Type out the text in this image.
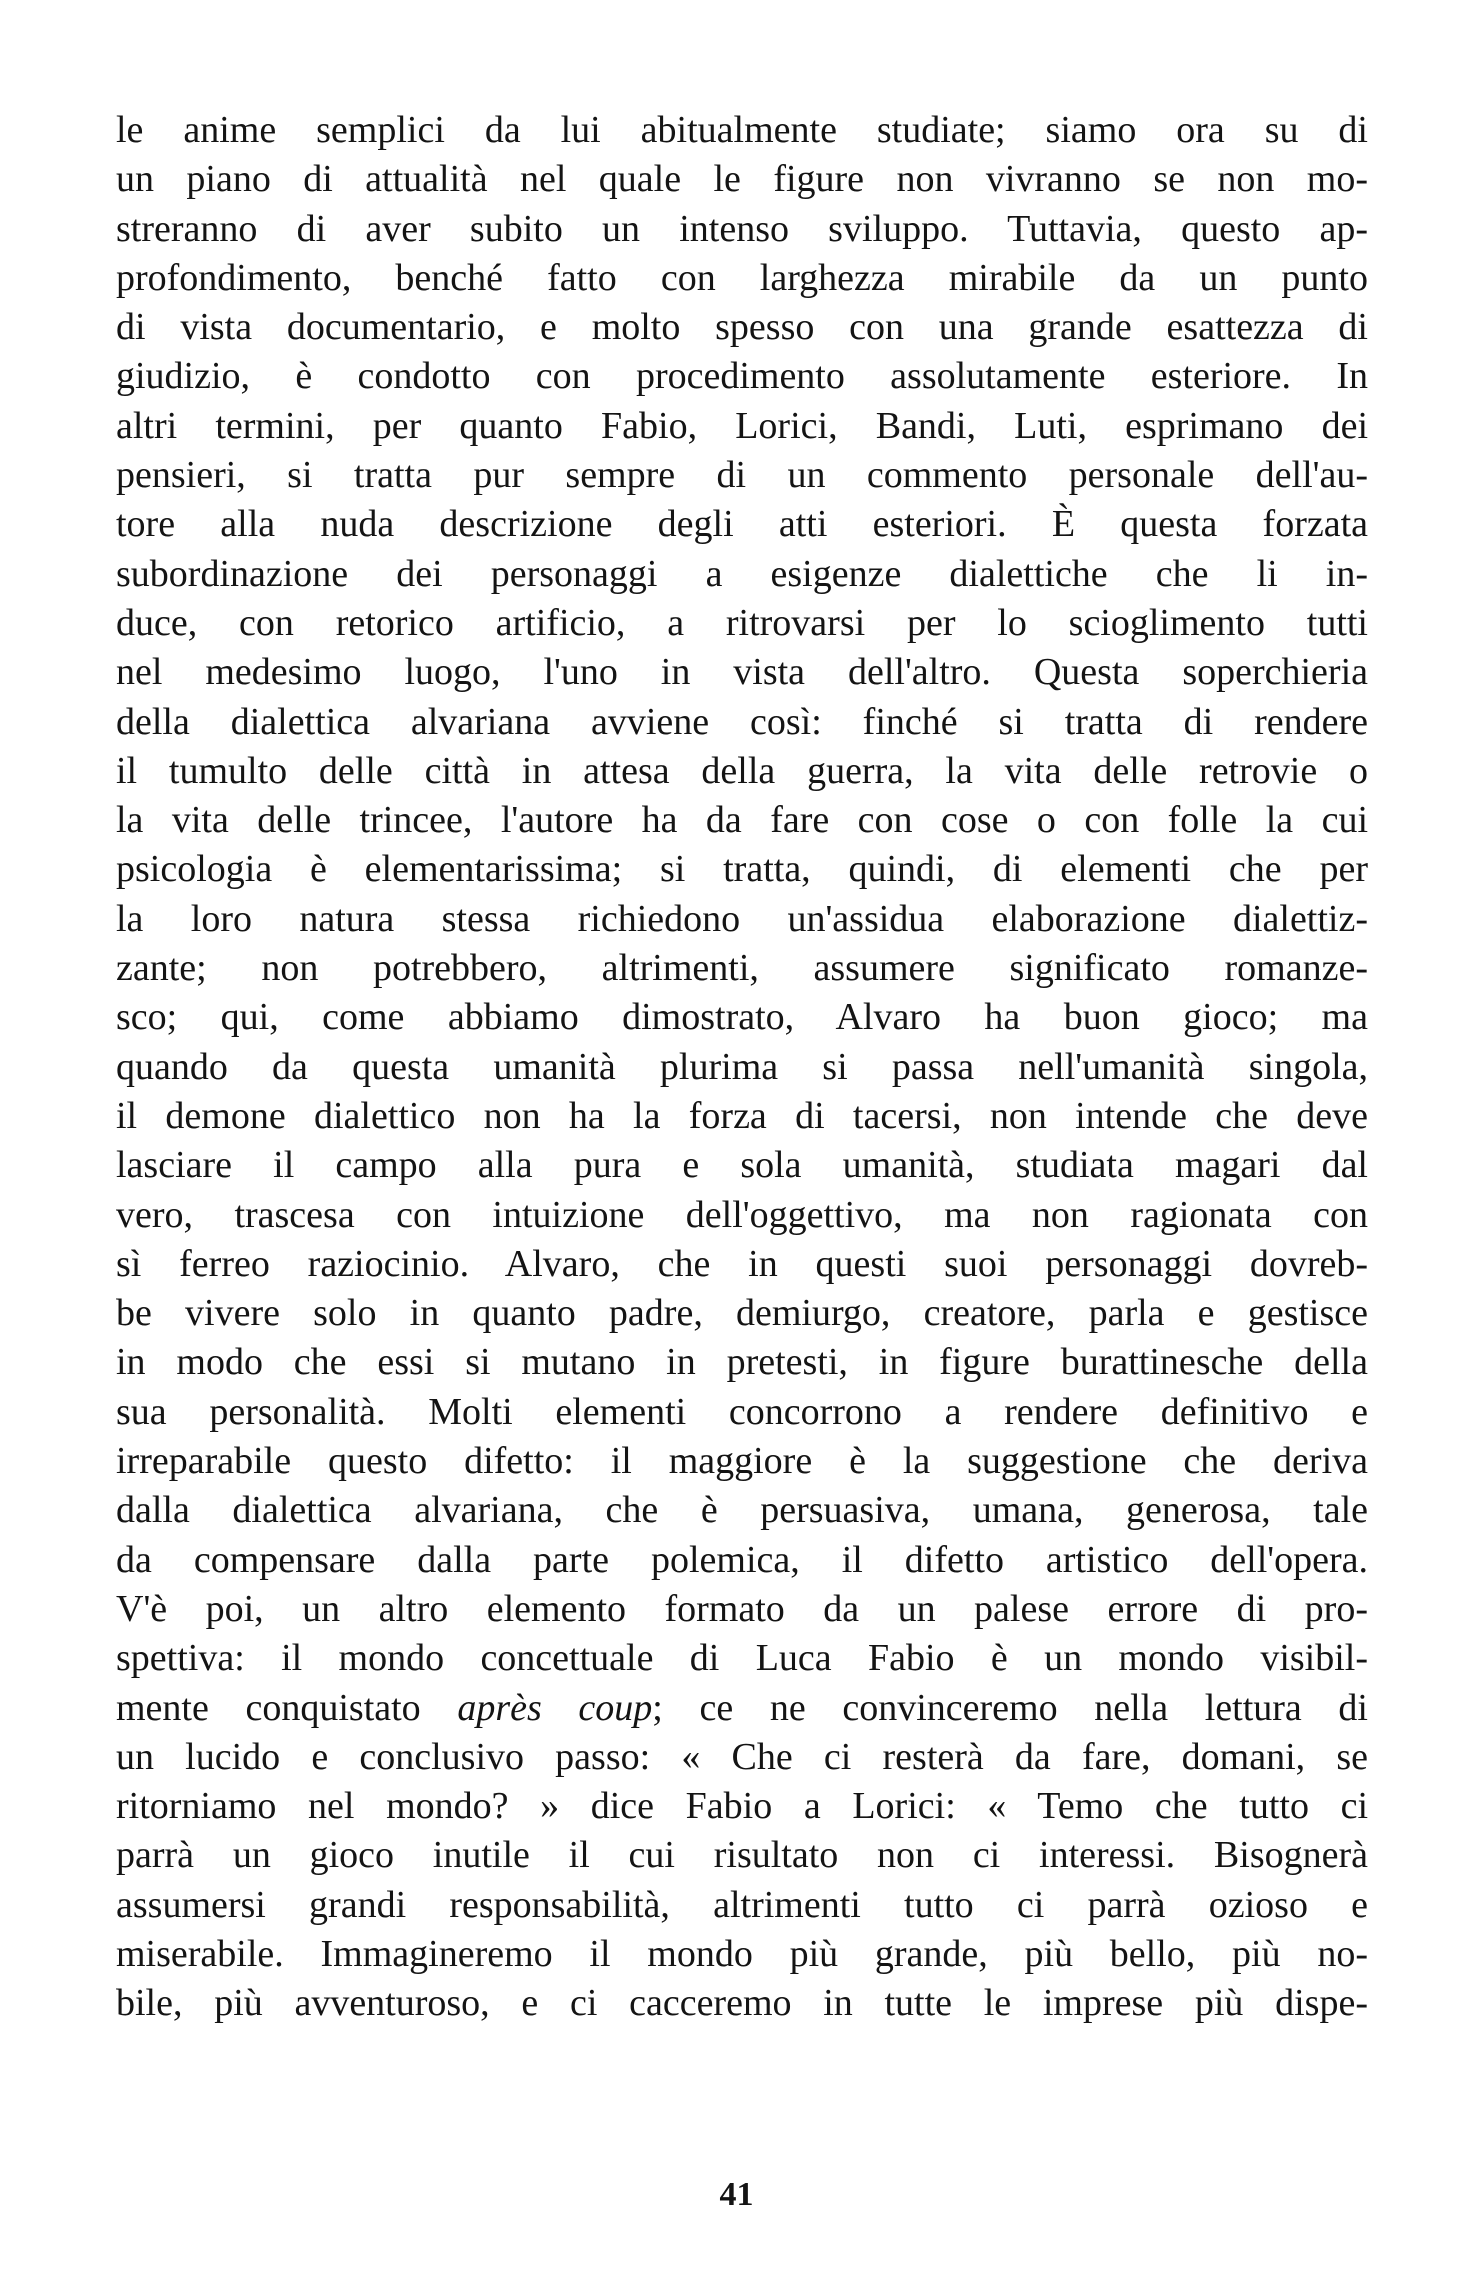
le anime semplici da lui abitualmente studiate; siamo ora su di
un piano di attualità nel quale le figure non vivranno se non mo-
streranno di aver subito un intenso sviluppo. Tuttavia, questo ap-
profondimento, benché fatto con larghezza mirabile da un punto
di vista documentario, e molto spesso con una grande esattezza di
giudizio, è condotto con procedimento assolutamente esteriore. In
altri termini, per quanto Fabio, Lorici, Bandi, Luti, esprimano dei
pensieri, si tratta pur sempre di un commento personale dell'au-
tore alla nuda descrizione degli atti esteriori. È questa forzata
subordinazione dei personaggi a esigenze dialettiche che li in-
duce, con retorico artificio, a ritrovarsi per lo scioglimento tutti
nel medesimo luogo, l'uno in vista dell'altro. Questa soperchieria
della dialettica alvariana avviene così: finché si tratta di rendere
il tumulto delle città in attesa della guerra, la vita delle retrovie o
la vita delle trincee, l'autore ha da fare con cose o con folle la cui
psicologia è elementarissima; si tratta, quindi, di elementi che per
la loro natura stessa richiedono un'assidua elaborazione dialettiz-
zante; non potrebbero, altrimenti, assumere significato romanze-
sco; qui, come abbiamo dimostrato, Alvaro ha buon gioco; ma
quando da questa umanità plurima si passa nell'umanità singola,
il demone dialettico non ha la forza di tacersi, non intende che deve
lasciare il campo alla pura e sola umanità, studiata magari dal
vero, trascesa con intuizione dell'oggettivo, ma non ragionata con
sì ferreo raziocinio. Alvaro, che in questi suoi personaggi dovreb-
be vivere solo in quanto padre, demiurgo, creatore, parla e gestisce
in modo che essi si mutano in pretesti, in figure burattinesche della
sua personalità. Molti elementi concorrono a rendere definitivo e
irreparabile questo difetto: il maggiore è la suggestione che deriva
dalla dialettica alvariana, che è persuasiva, umana, generosa, tale
da compensare dalla parte polemica, il difetto artistico dell'opera.
V'è poi, un altro elemento formato da un palese errore di pro-
spettiva: il mondo concettuale di Luca Fabio è un mondo visibil-
mente conquistato après coup; ce ne convinceremo nella lettura di
un lucido e conclusivo passo: « Che ci resterà da fare, domani, se
ritorniamo nel mondo? » dice Fabio a Lorici: « Temo che tutto ci
parrà un gioco inutile il cui risultato non ci interessi. Bisognerà
assumersi grandi responsabilità, altrimenti tutto ci parrà ozioso e
miserabile. Immagineremo il mondo più grande, più bello, più no-
bile, più avventuroso, e ci cacceremo in tutte le imprese più dispe-
41
